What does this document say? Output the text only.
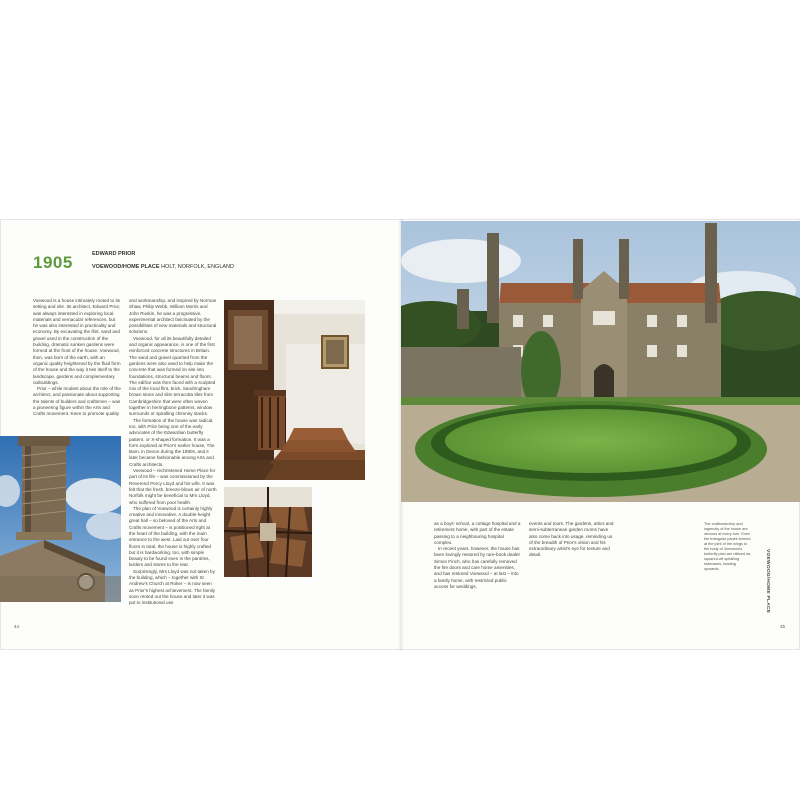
1905	EDWARD PRIOR
VOEWOOD/HOME PLACE HOLT, NORFOLK, ENGLAND

Voewood is a house intimately rooted to its setting and site. Its architect, Edward Prior, was always interested in exploring local materials and vernacular references, but he was also interested in practicality and economy. By excavating the flint, sand and gravel used in the construction of the building, dramatic sunken gardens were formed at the front of the house. Voewood, then, was born of the earth, with an organic quality heightened by the fluid form of the house and the way it ties itself to the landscape, gardens and complementary outbuildings.

Prior – while modest about the role of the architect, and passionate about supporting the talents of builders and craftsmen – was a pioneering figure within the Arts and Crafts movement. Keen to promote quality

and workmanship, and inspired by Norman Shaw, Philip Webb, William Morris and John Ruskin, he was a progressive, experimental architect fascinated by the possibilities of new materials and structural solutions.

Voewood, for all its beautifully detailed and organic appearance, is one of the first reinforced concrete structures in Britain. The sand and gravel quarried from the gardens were also used to help make the concrete that was formed on site into foundations, structural beams and floors. The edifice was then faced with a sculpted mix of the local flint, brick, Sandringham brown stone and slim terracotta tiles from Cambridgeshire that were often woven together in herringbone patterns, window surrounds or spiralling chimney stacks.

The formation of the house was radical, too, with Prior being one of the early advocates of the Edwardian butterfly pattern, or X-shaped formation. It was a form explored at Prior's earlier house, The Barn, in Devon during the 1890s, and it later became fashionable among Arts and Crafts architects.

Voewood – rechristened Home Place for part of its life – was commissioned by the Reverend Percy Lloyd and his wife. It was felt that the fresh, breeze-blown air of north Norfolk might be beneficial to Mrs Lloyd, who suffered from poor health.

The plan of Voewood is certainly highly creative and innovative. A double-height great hall – so beloved of the Arts and Crafts movement – is positioned right at the heart of the building, with the main entrance to the west. Laid out over four floors in total, the house is highly crafted but it is hardworking, too, with simple beauty to be found even in the pantries, larders and stores to the rear.

Surprisingly, Mrs Lloyd was not taken by the building, which – together with St Andrew's Church at Roker – is now seen as Prior's highest achievement. The family soon rented out the house and later it was put to institutional use

as a boys' school, a cottage hospital and a retirement home, with part of the estate passing to a neighbouring hospital complex.

In recent years, however, the house has been lovingly restored by rare-book dealer Simon Finch, who has carefully removed the fire doors and care home amenities, and has restored Voewood – at last – into a family home, with restricted public access for weddings,

events and tours. The gardens, attics and semi-subterranean garden rooms have also come back into usage, reminding us of the breadth of Prior's vision and his extraordinary artist's eye for texture and detail.

The craftsmanship and ingenuity of the house are obvious at every turn. Even the triangular panes formed at the joint of the wings to the body of Voewood's butterfly plan are utilized as squared-off spiralling staircases, twisting upwards.	VOEWOOD/HOME PLACE
44	45
